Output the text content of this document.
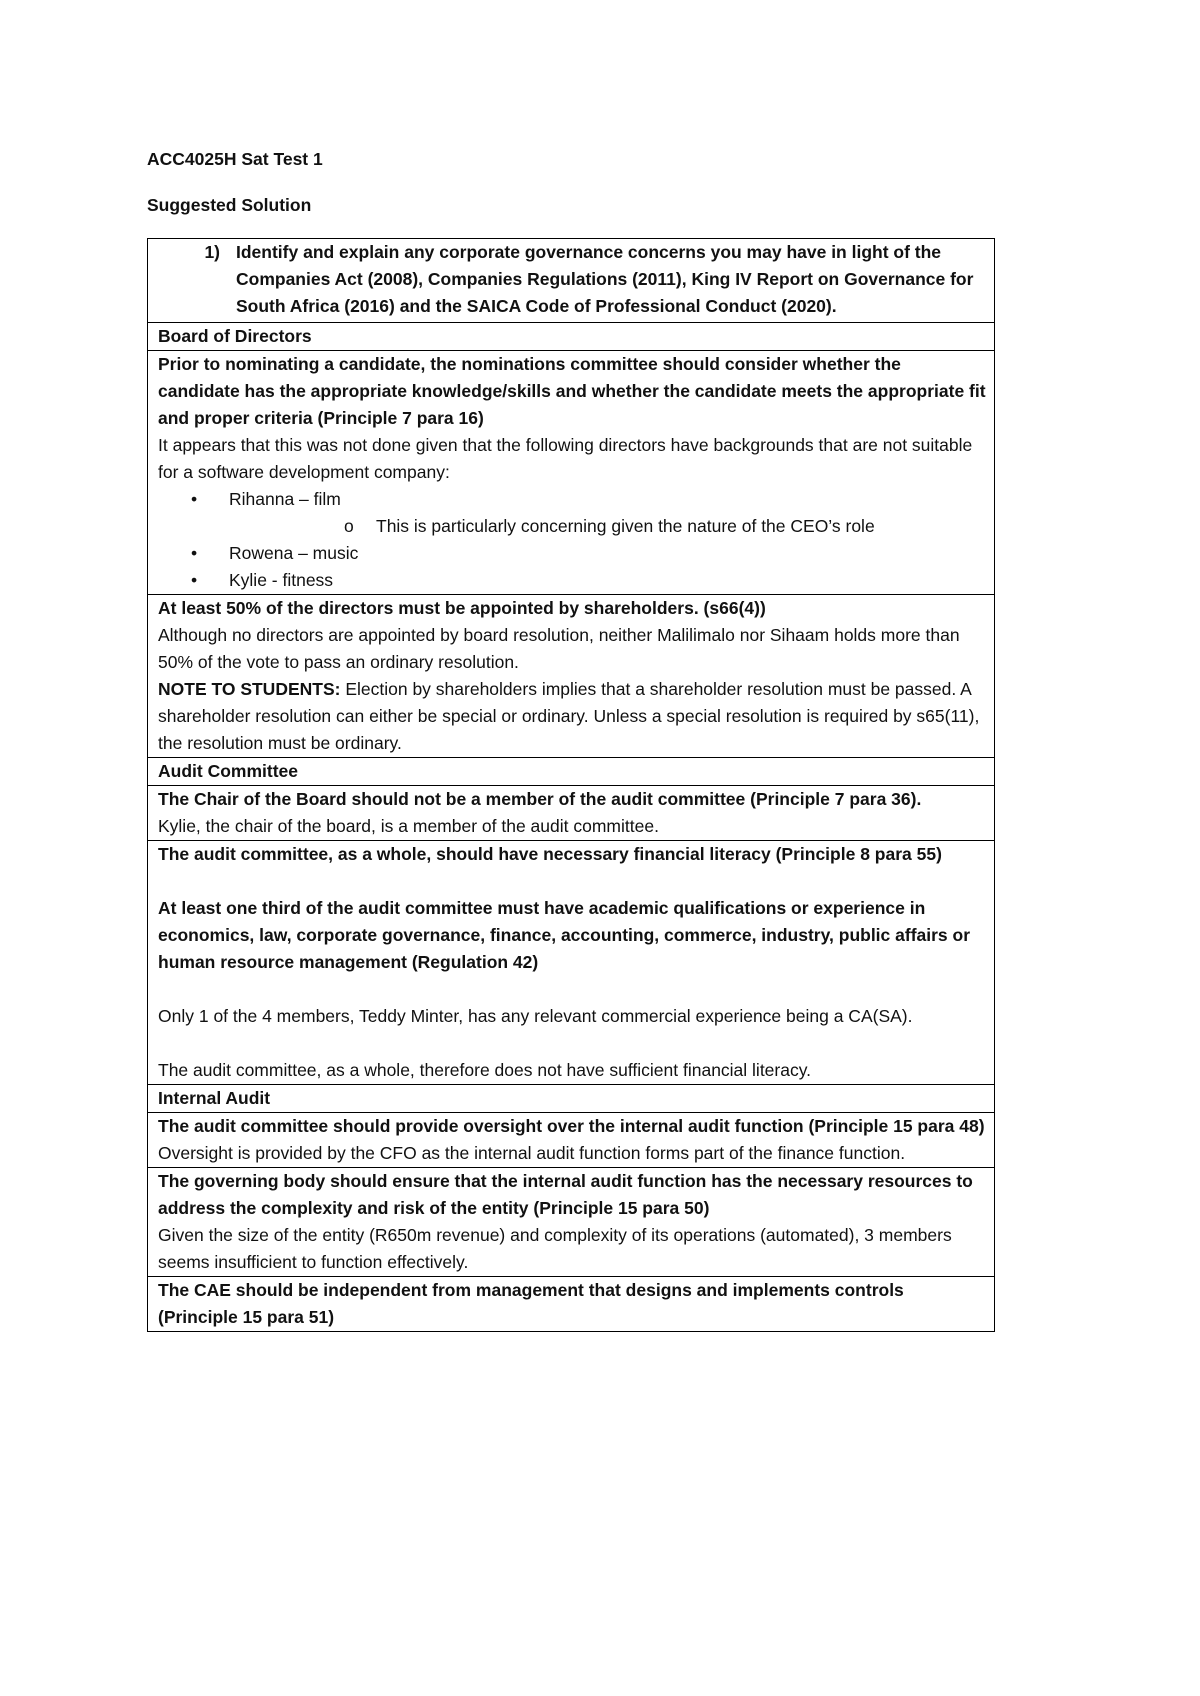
ACC4025H Sat Test 1
Suggested Solution
1) Identify and explain any corporate governance concerns you may have in light of the Companies Act (2008), Companies Regulations (2011), King IV Report on Governance for South Africa (2016) and the SAICA Code of Professional Conduct (2020).

Board of Directors

Prior to nominating a candidate, the nominations committee should consider whether the candidate has the appropriate knowledge/skills and whether the candidate meets the appropriate fit and proper criteria (Principle 7 para 16)
It appears that this was not done given that the following directors have backgrounds that are not suitable for a software development company:
• Rihanna – film
o This is particularly concerning given the nature of the CEO’s role
• Rowena – music
• Kylie - fitness

At least 50% of the directors must be appointed by shareholders. (s66(4))
Although no directors are appointed by board resolution, neither Malilimalo nor Sihaam holds more than 50% of the vote to pass an ordinary resolution.
NOTE TO STUDENTS: Election by shareholders implies that a shareholder resolution must be passed. A shareholder resolution can either be special or ordinary. Unless a special resolution is required by s65(11), the resolution must be ordinary.

Audit Committee

The Chair of the Board should not be a member of the audit committee (Principle 7 para 36).
Kylie, the chair of the board, is a member of the audit committee.

The audit committee, as a whole, should have necessary financial literacy (Principle 8 para 55)
At least one third of the audit committee must have academic qualifications or experience in economics, law, corporate governance, finance, accounting, commerce, industry, public affairs or human resource management (Regulation 42)
Only 1 of the 4 members, Teddy Minter, has any relevant commercial experience being a CA(SA).
The audit committee, as a whole, therefore does not have sufficient financial literacy.

Internal Audit

The audit committee should provide oversight over the internal audit function (Principle 15 para 48)
Oversight is provided by the CFO as the internal audit function forms part of the finance function.

The governing body should ensure that the internal audit function has the necessary resources to address the complexity and risk of the entity (Principle 15 para 50)
Given the size of the entity (R650m revenue) and complexity of its operations (automated), 3 members seems insufficient to function effectively.

The CAE should be independent from management that designs and implements controls (Principle 15 para 51)
